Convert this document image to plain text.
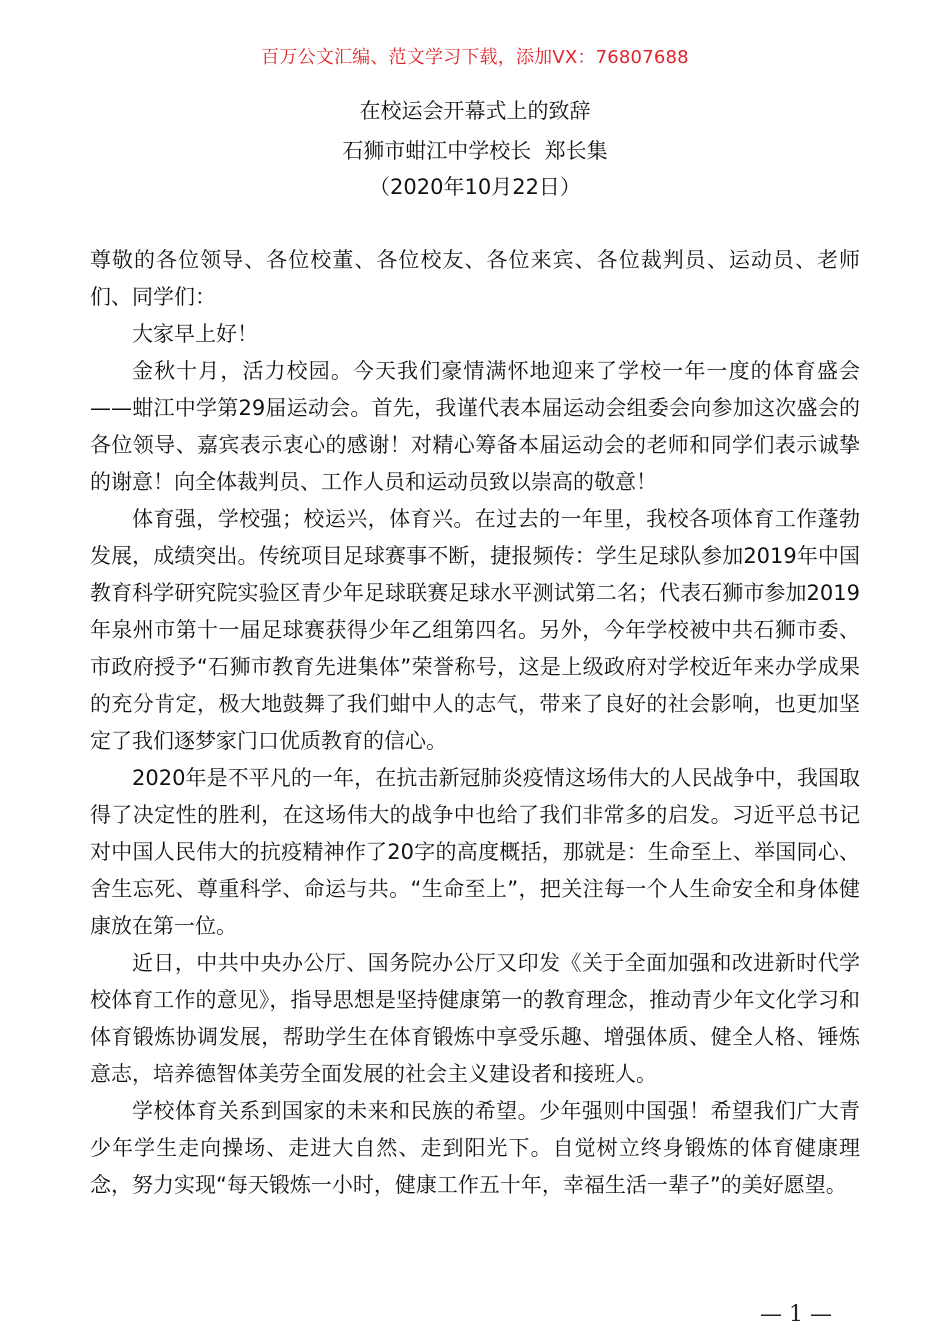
百万公文汇编、范文学习下载，添加VX：76807688
在校运会开幕式上的致辞
石狮市蚶江中学校长  郑长集
（2020年10月22日）

尊敬的各位领导、各位校董、各位校友、各位来宾、各位裁判员、运动员、老师们、同学们：

大家早上好！

金秋十月，活力校园。今天我们豪情满怀地迎来了学校一年一度的体育盛会——蚶江中学第29届运动会。首先，我谨代表本届运动会组委会向参加这次盛会的各位领导、嘉宾表示衷心的感谢！对精心筹备本届运动会的老师和同学们表示诚挚的谢意！向全体裁判员、工作人员和运动员致以崇高的敬意！

体育强，学校强；校运兴，体育兴。在过去的一年里，我校各项体育工作蓬勃发展，成绩突出。传统项目足球赛事不断，捷报频传：学生足球队参加2019年中国教育科学研究院实验区青少年足球联赛足球水平测试第二名；代表石狮市参加2019年泉州市第十一届足球赛获得少年乙组第四名。另外，今年学校被中共石狮市委、市政府授予“石狮市教育先进集体”荣誉称号，这是上级政府对学校近年来办学成果的充分肯定，极大地鼓舞了我们蚶中人的志气，带来了良好的社会影响，也更加坚定了我们逐梦家门口优质教育的信心。

2020年是不平凡的一年，在抗击新冠肺炎疫情这场伟大的人民战争中，我国取得了决定性的胜利，在这场伟大的战争中也给了我们非常多的启发。习近平总书记对中国人民伟大的抗疫精神作了20字的高度概括，那就是：生命至上、举国同心、舍生忘死、尊重科学、命运与共。“生命至上”，把关注每一个人生命安全和身体健康放在第一位。

近日，中共中央办公厅、国务院办公厅又印发《关于全面加强和改进新时代学校体育工作的意见》，指导思想是坚持健康第一的教育理念，推动青少年文化学习和体育锻炼协调发展，帮助学生在体育锻炼中享受乐趣、增强体质、健全人格、锤炼意志，培养德智体美劳全面发展的社会主义建设者和接班人。

学校体育关系到国家的未来和民族的希望。少年强则中国强！希望我们广大青少年学生走向操场、走进大自然、走到阳光下。自觉树立终身锻炼的体育健康理念，努力实现“每天锻炼一小时，健康工作五十年，幸福生活一辈子”的美好愿望。

— 1 —
